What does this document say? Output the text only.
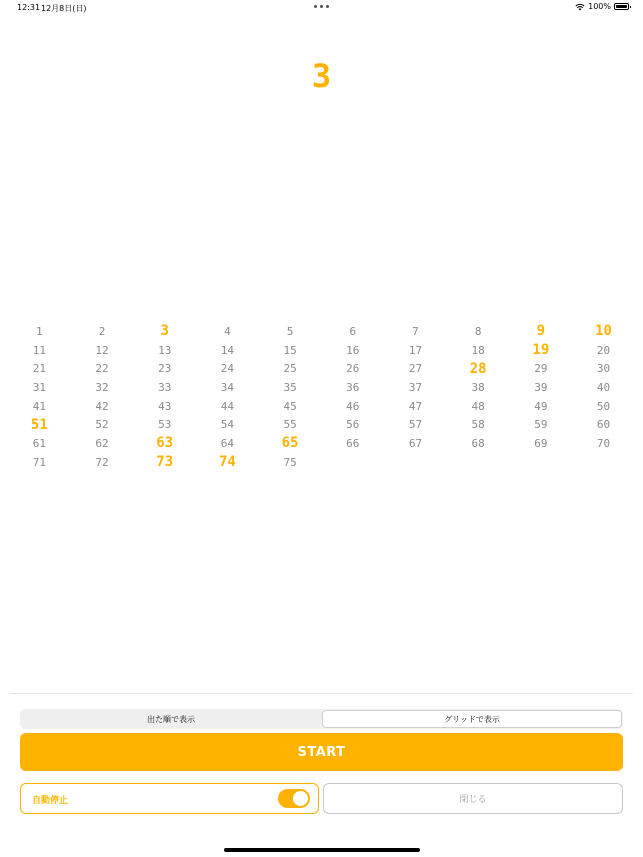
12:31 12月8日(日)	100%
3
1	2	3	4	5	6	7	8	9	10
11	12	13	14	15	16	17	18	19	20
21	22	23	24	25	26	27	28	29	30
31	32	33	34	35	36	37	38	39	40
41	42	43	44	45	46	47	48	49	50
51	52	53	54	55	56	57	58	59	60
61	62	63	64	65	66	67	68	69	70
71	72	73	74	75
出た順で表示	グリッドで表示
START
自動停止	閉じる
